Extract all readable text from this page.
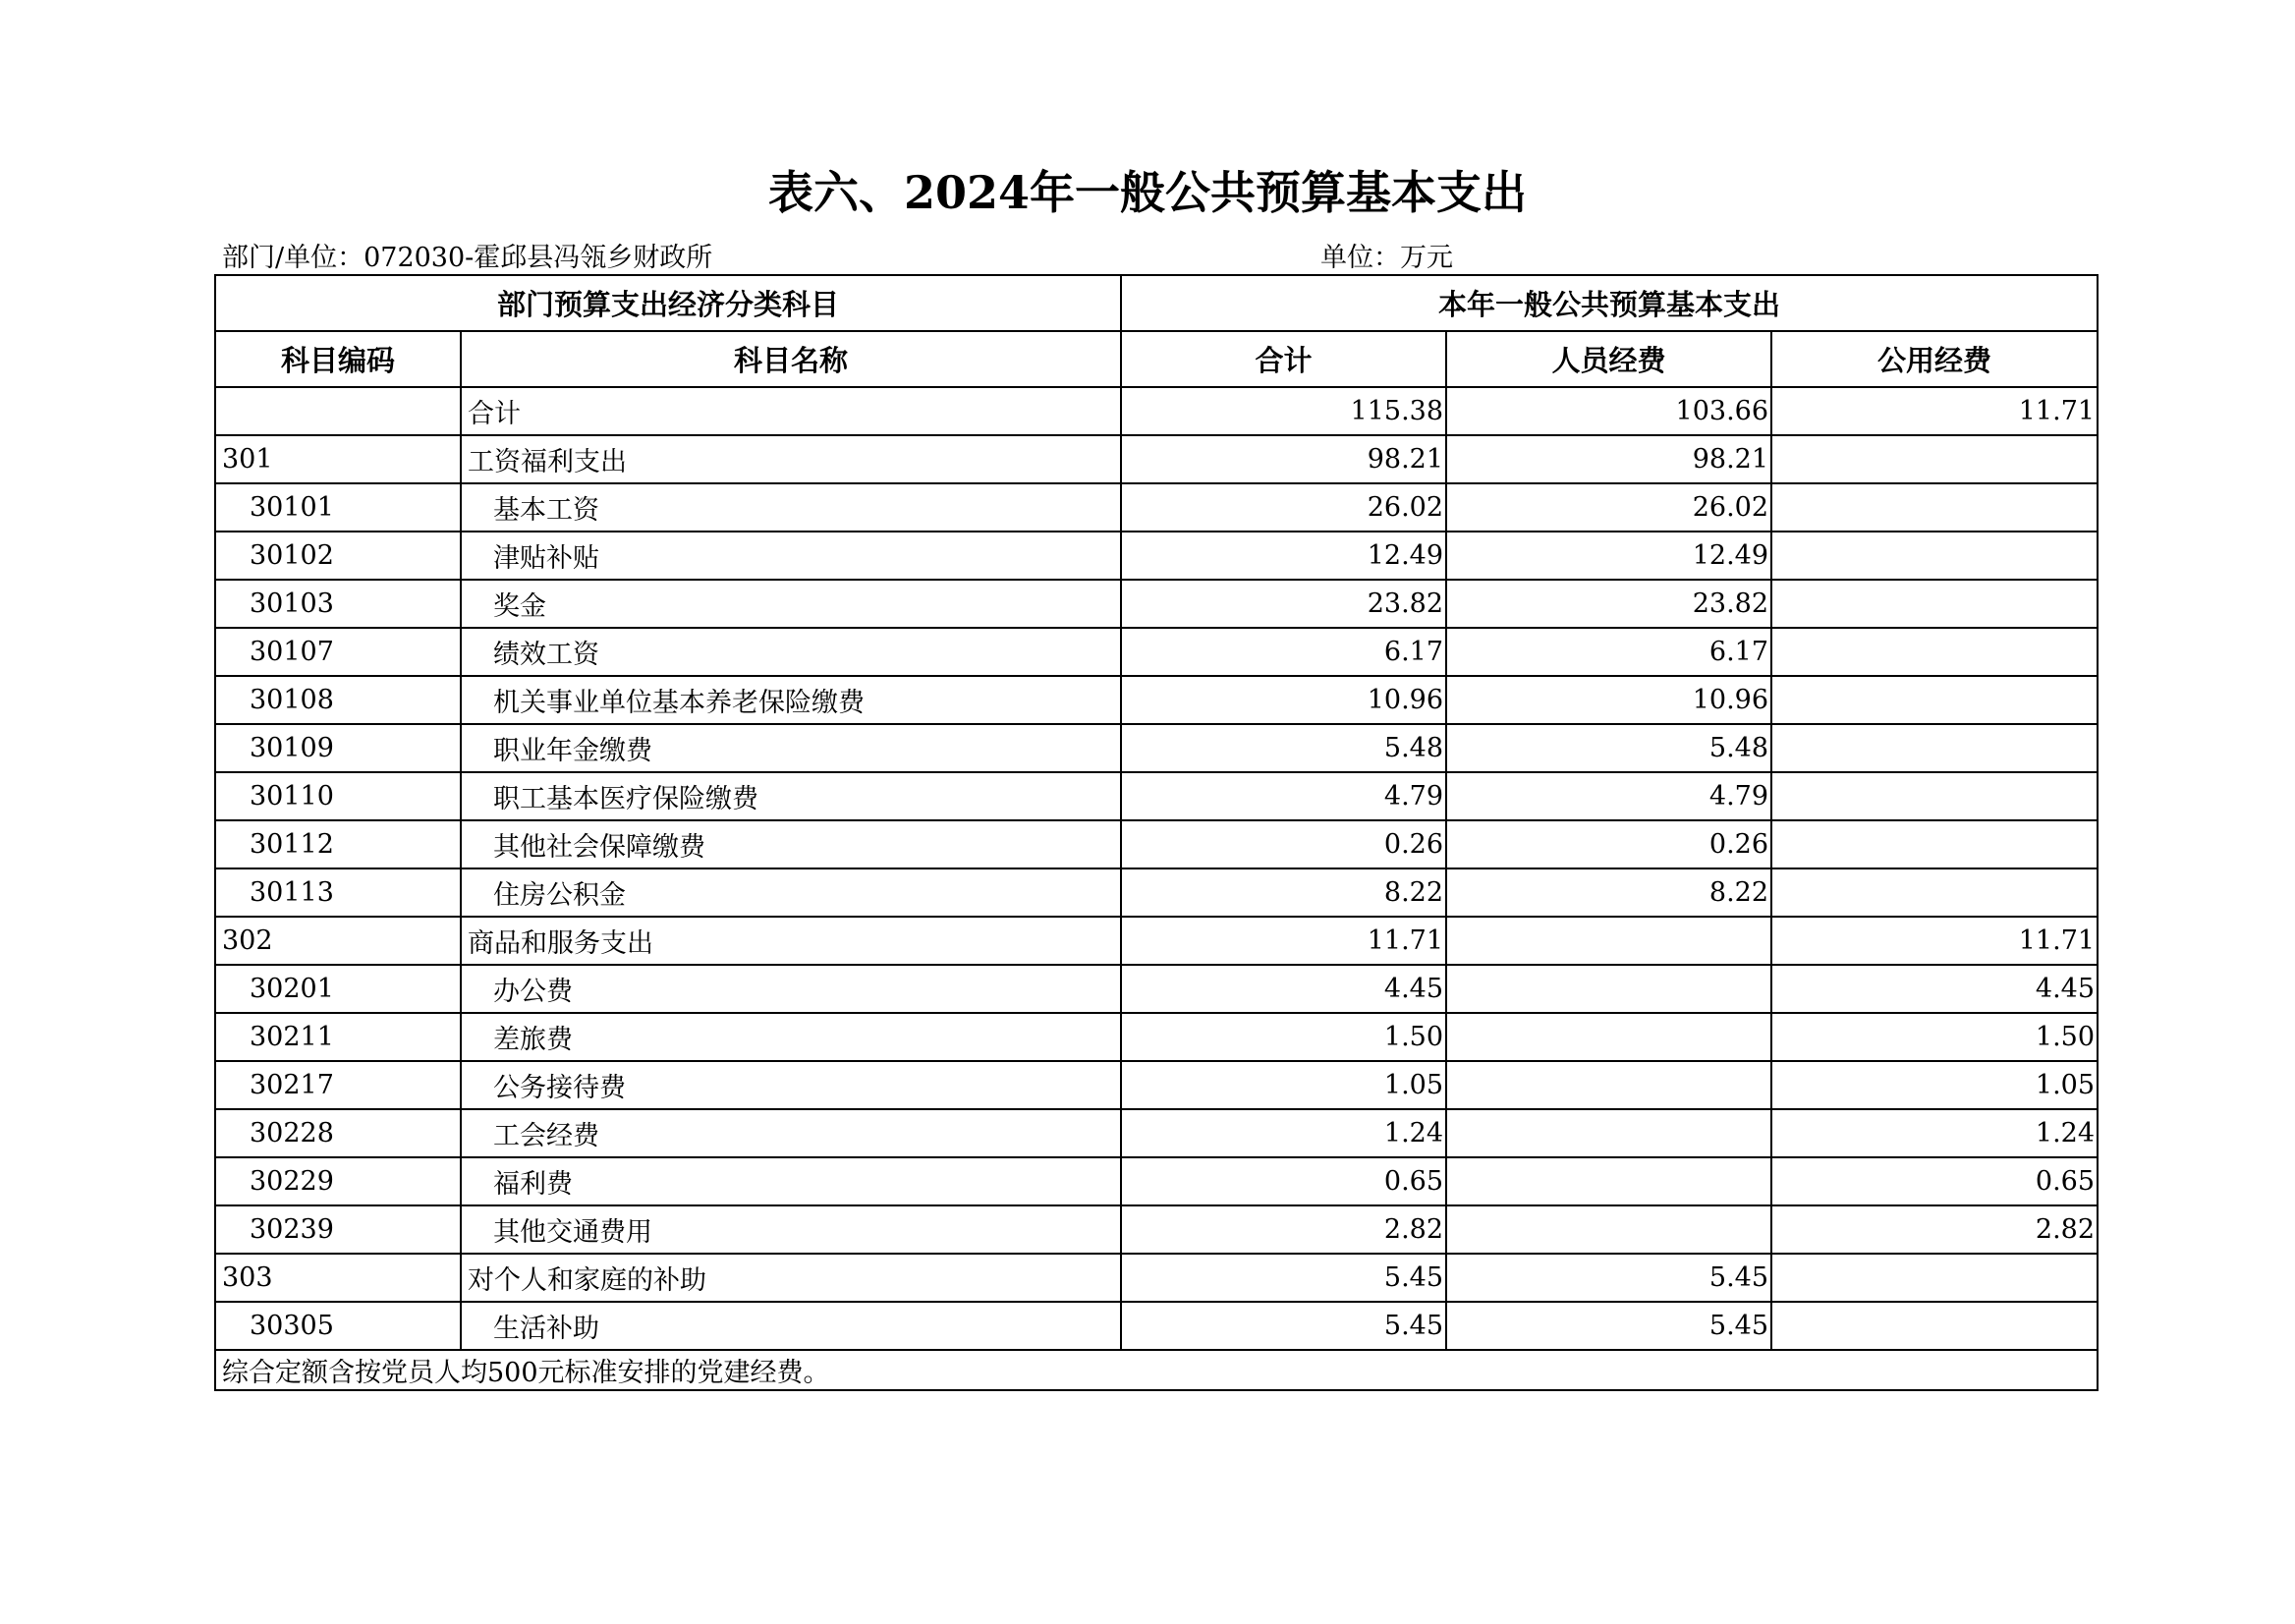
表六、2024年一般公共预算基本支出
部门/单位：072030-霍邱县冯瓴乡财政所	单位：万元
部门预算支出经济分类科目		本年一般公共预算基本支出		
科目编码	科目名称	合计	人员经费	公用经费
	合计	115.38	103.66	11.71
301	工资福利支出	98.21	98.21	
30101	基本工资	26.02	26.02	
30102	津贴补贴	12.49	12.49	
30103	奖金	23.82	23.82	
30107	绩效工资	6.17	6.17	
30108	机关事业单位基本养老保险缴费	10.96	10.96	
30109	职业年金缴费	5.48	5.48	
30110	职工基本医疗保险缴费	4.79	4.79	
30112	其他社会保障缴费	0.26	0.26	
30113	住房公积金	8.22	8.22	
302	商品和服务支出	11.71		11.71
30201	办公费	4.45		4.45
30211	差旅费	1.50		1.50
30217	公务接待费	1.05		1.05
30228	工会经费	1.24		1.24
30229	福利费	0.65		0.65
30239	其他交通费用	2.82		2.82
303	对个人和家庭的补助	5.45	5.45	
30305	生活补助	5.45	5.45	
综合定额含按党员人均500元标准安排的党建经费。				
